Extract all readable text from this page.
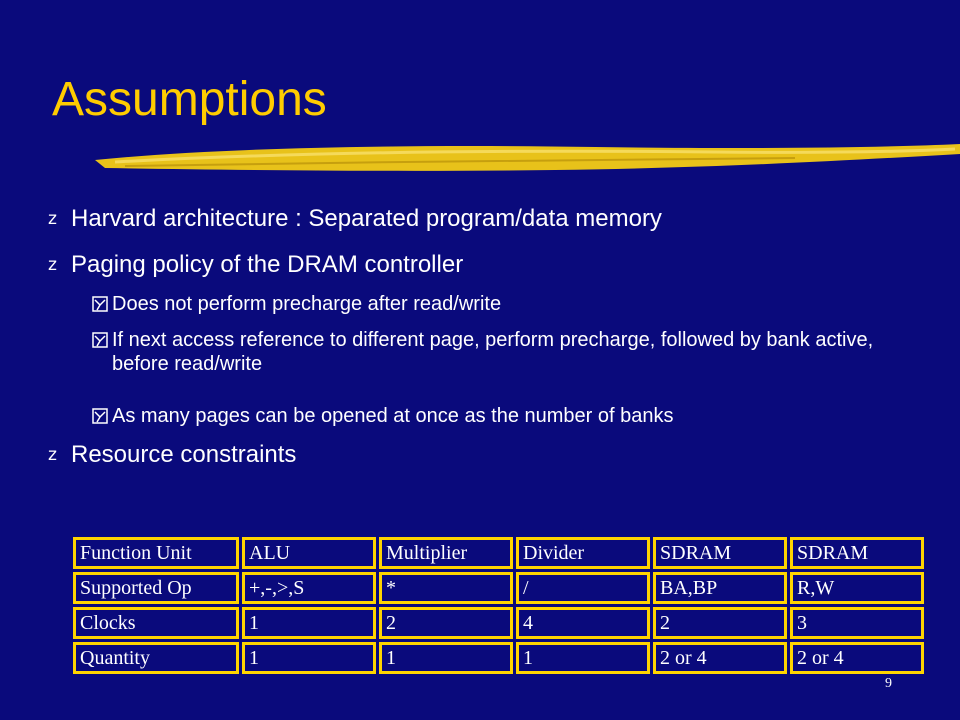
Assumptions
z Harvard architecture : Separated program/data memory
z Paging policy of the DRAM controller
Does not perform precharge after read/write
If next access reference to different page, perform precharge, followed by bank active, before read/write
As many pages can be opened at once as the number of banks
z Resource constraints
Function Unit	ALU	Multiplier	Divider	SDRAM	SDRAM
Supported Op	+,-,>,S	*	/	BA,BP	R,W
Clocks	1	2	4	2	3
Quantity	1	1	1	2 or 4	2 or 4
9
